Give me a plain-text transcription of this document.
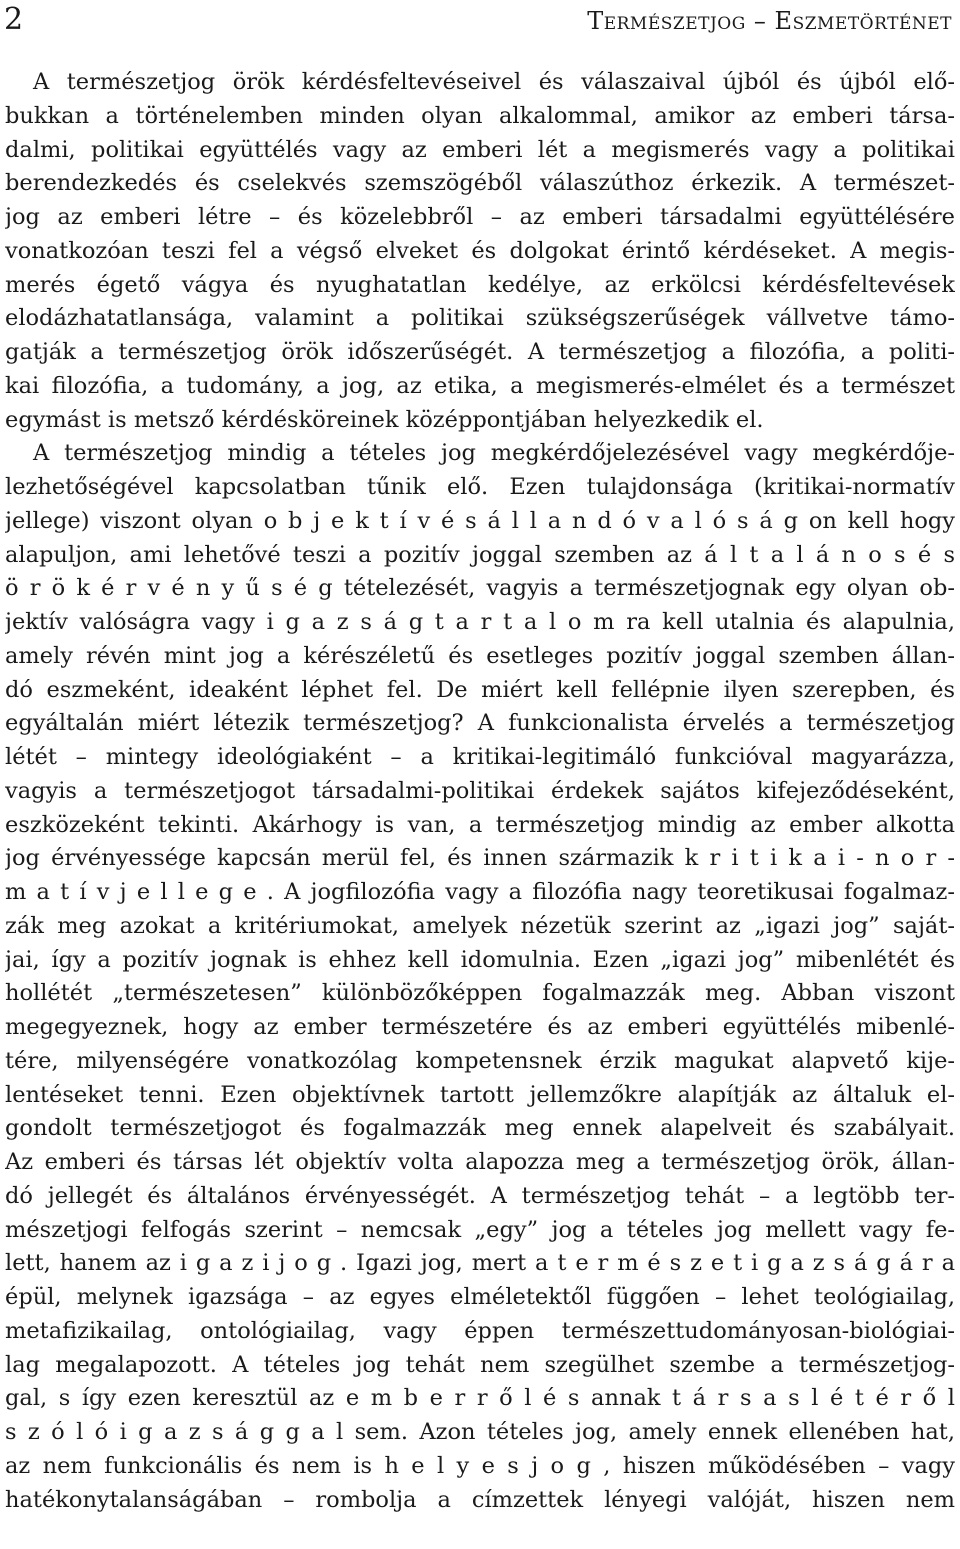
2	Természetjog – Eszmetörténet
A természetjog örök kérdésfeltevéseivel és válaszaival újból és újból elő-
bukkan a történelemben minden olyan alkalommal, amikor az emberi társa-
dalmi, politikai együttélés vagy az emberi lét a megismerés vagy a politikai
berendezkedés és cselekvés szemszögéből válaszúthoz érkezik. A természet-
jog az emberi létre – és közelebbről – az emberi társadalmi együttélésére
vonatkozóan teszi fel a végső elveket és dolgokat érintő kérdéseket. A megis-
merés égető vágya és nyughatatlan kedélye, az erkölcsi kérdésfeltevések
elodázhatatlansága, valamint a politikai szükségszerűségek vállvetve támo-
gatják a természetjog örök időszerűségét. A természetjog a filozófia, a politi-
kai filozófia, a tudomány, a jog, az etika, a megismerés-elmélet és a természet
egymást is metsző kérdésköreinek középpontjában helyezkedik el.
A természetjog mindig a tételes jog megkérdőjelezésével vagy megkérdője-
lezhetőségével kapcsolatban tűnik elő. Ezen tulajdonsága (kritikai-normatív
jellege) viszont olyan o b j e k t í v é s á l l a n d ó v a l ó s á g on kell hogy
alapuljon, ami lehetővé teszi a pozitív joggal szemben az á l t a l á n o s é s
ö r ö k é r v é n y ű s é g tételezését, vagyis a természetjognak egy olyan ob-
jektív valóságra vagy i g a z s á g t a r t a l o m ra kell utalnia és alapulnia,
amely révén mint jog a kérészéletű és esetleges pozitív joggal szemben állan-
dó eszmeként, ideaként léphet fel. De miért kell fellépnie ilyen szerepben, és
egyáltalán miért létezik természetjog? A funkcionalista érvelés a természetjog
létét – mintegy ideológiaként – a kritikai-legitimáló funkcióval magyarázza,
vagyis a természetjogot társadalmi-politikai érdekek sajátos kifejeződéseként,
eszközeként tekinti. Akárhogy is van, a természetjog mindig az ember alkotta
jog érvényessége kapcsán merül fel, és innen származik k r i t i k a i - n o r -
m a t í v j e l l e g e . A jogfilozófia vagy a filozófia nagy teoretikusai fogalmaz-
zák meg azokat a kritériumokat, amelyek nézetük szerint az „igazi jog” saját-
jai, így a pozitív jognak is ehhez kell idomulnia. Ezen „igazi jog” mibenlétét és
hollétét „természetesen” különbözőképpen fogalmazzák meg. Abban viszont
megegyeznek, hogy az ember természetére és az emberi együttélés mibenlé-
tére, milyenségére vonatkozólag kompetensnek érzik magukat alapvető kije-
lentéseket tenni. Ezen objektívnek tartott jellemzőkre alapítják az általuk el-
gondolt természetjogot és fogalmazzák meg ennek alapelveit és szabályait.
Az emberi és társas lét objektív volta alapozza meg a természetjog örök, állan-
dó jellegét és általános érvényességét. A természetjog tehát – a legtöbb ter-
mészetjogi felfogás szerint – nemcsak „egy” jog a tételes jog mellett vagy fe-
lett, hanem az i g a z i j o g . Igazi jog, mert a t e r m é s z e t i g a z s á g á r a
épül, melynek igazsága – az egyes elméletektől függően – lehet teológiailag,
metafizikailag, ontológiailag, vagy éppen természettudományosan-biológiai-
lag megalapozott. A tételes jog tehát nem szegülhet szembe a természetjog-
gal, s így ezen keresztül az e m b e r r ő l é s annak t á r s a s l é t é r ő l
s z ó l ó i g a z s á g g a l sem. Azon tételes jog, amely ennek ellenében hat,
az nem funkcionális és nem is h e l y e s j o g , hiszen működésében – vagy
hatékonytalanságában – rombolja a címzettek lényegi valóját, hiszen nem
